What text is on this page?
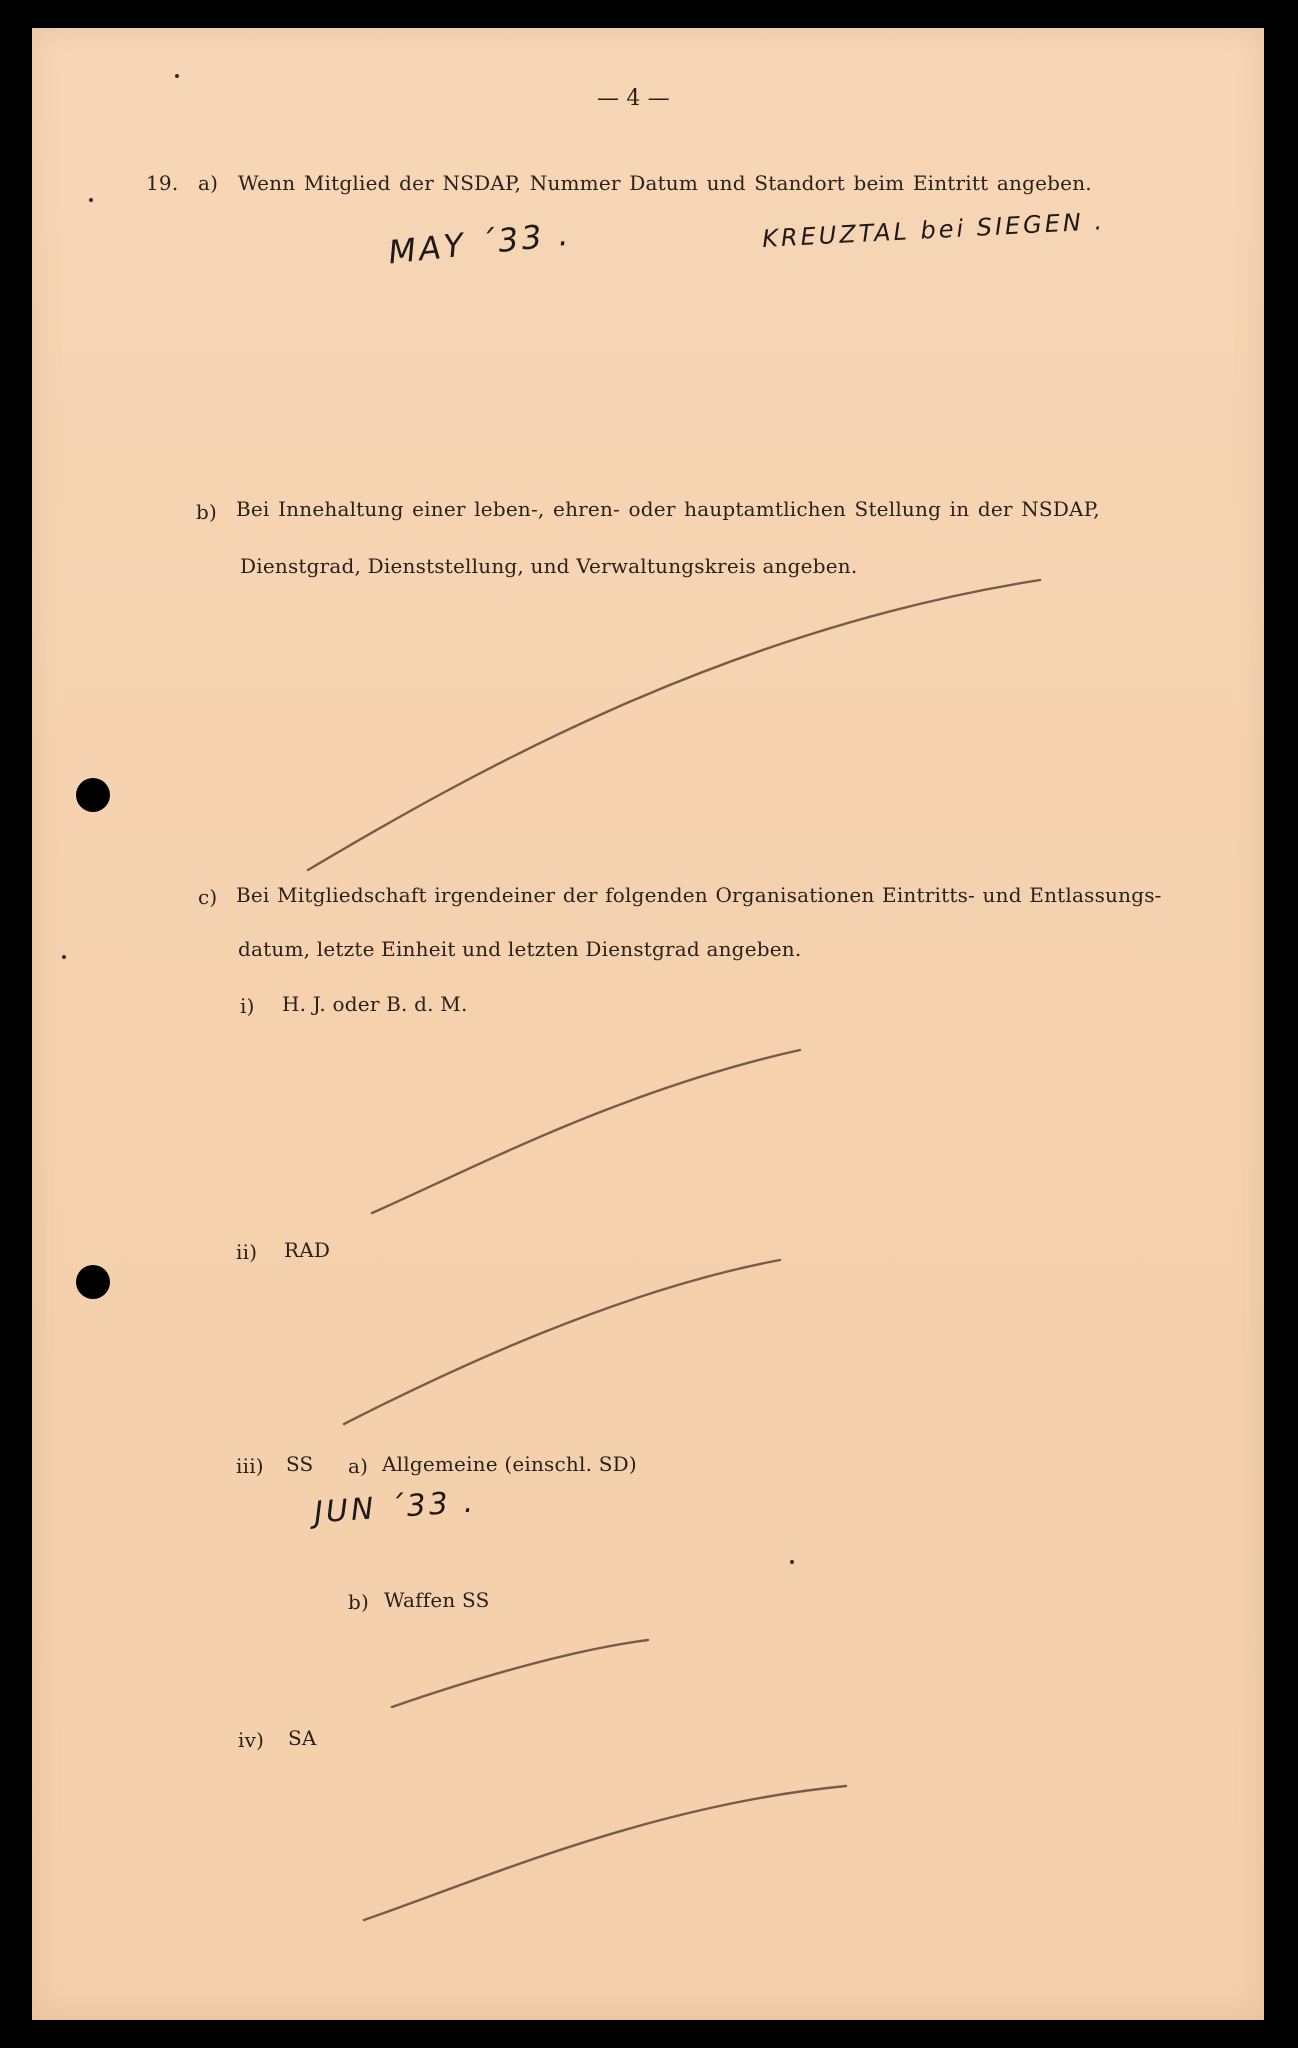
— 4 —
19. a) Wenn Mitglied der NSDAP, Nummer Datum und Standort beim Eintritt angeben.
MAY ´33 .	KREUZTAL bei SIEGEN .
b) Bei Innehaltung einer leben-, ehren- oder hauptamtlichen Stellung in der NSDAP,
Dienstgrad, Dienststellung, und Verwaltungskreis angeben.
c) Bei Mitgliedschaft irgendeiner der folgenden Organisationen Eintritts- und Entlassungs-
datum, letzte Einheit und letzten Dienstgrad angeben.
i) H. J. oder B. d. M.
ii) RAD
iii) SS a) Allgemeine (einschl. SD)
JUN ´33 .
b) Waffen SS
iv) SA
